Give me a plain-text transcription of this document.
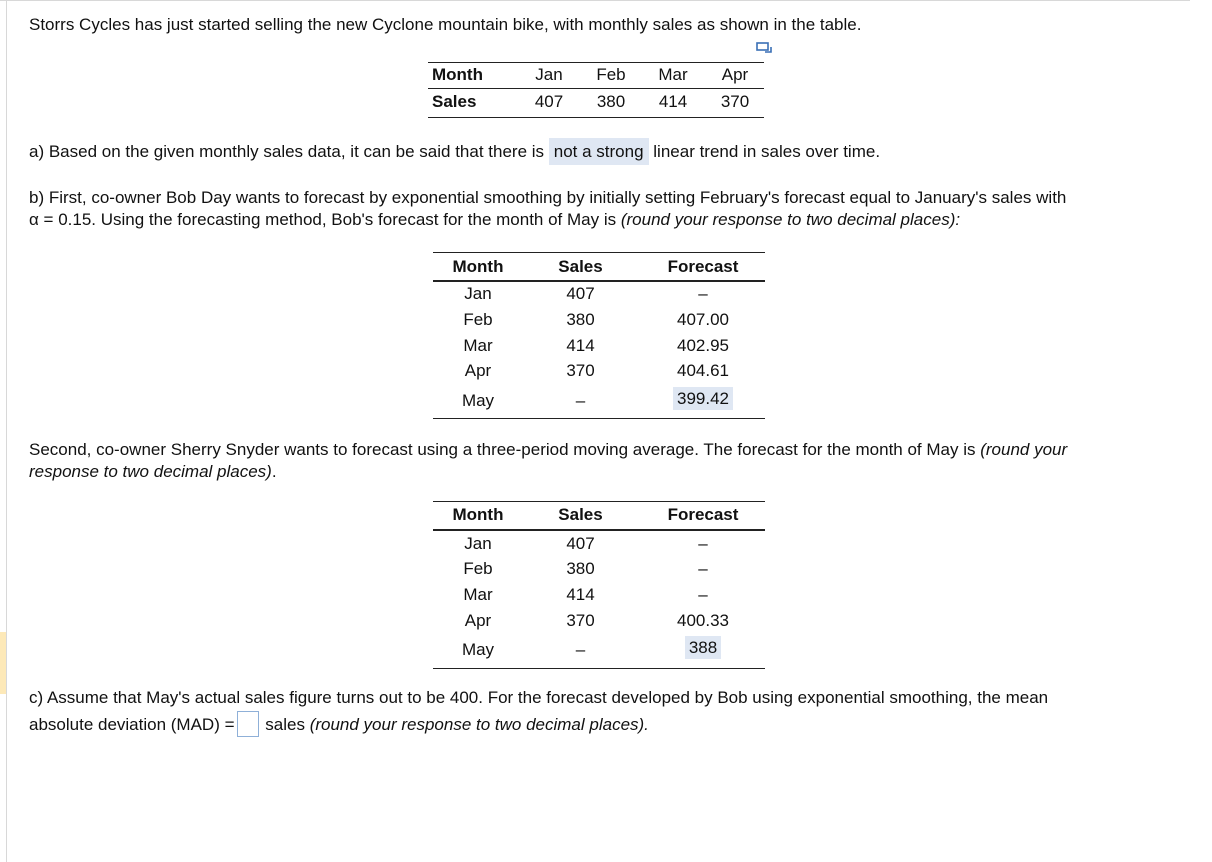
Storrs Cycles has just started selling the new Cyclone mountain bike, with monthly sales as shown in the table.
Month	Jan	Feb	Mar	Apr
Sales	407	380	414	370
a) Based on the given monthly sales data, it can be said that there is not a strong linear trend in sales over time.
b) First, co-owner Bob Day wants to forecast by exponential smoothing by initially setting February's forecast equal to January's sales with
α = 0.15. Using the forecasting method, Bob's forecast for the month of May is (round your response to two decimal places):
Month	Sales	Forecast
Jan	407	–
Feb	380	407.00
Mar	414	402.95
Apr	370	404.61
May	–	399.42
Second, co-owner Sherry Snyder wants to forecast using a three-period moving average. The forecast for the month of May is (round your
response to two decimal places).
Month	Sales	Forecast
Jan	407	–
Feb	380	–
Mar	414	–
Apr	370	400.33
May	–	388
c) Assume that May's actual sales figure turns out to be 400. For the forecast developed by Bob using exponential smoothing, the mean
absolute deviation (MAD) = sales (round your response to two decimal places).
